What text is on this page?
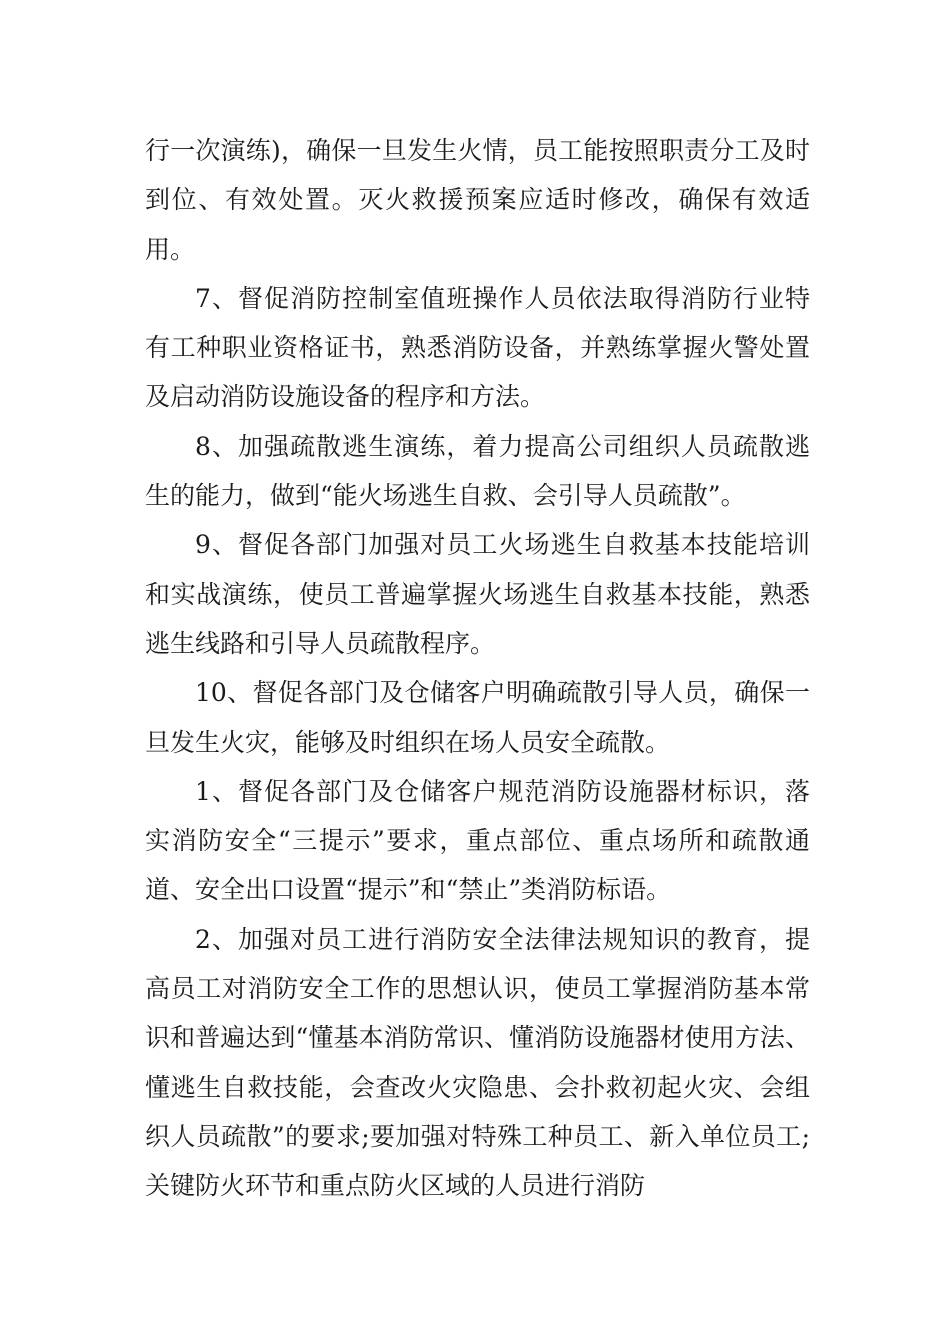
行一次演练)，确保一旦发生火情，员工能按照职责分工及时到位、有效处置。灭火救援预案应适时修改，确保有效适用。

7、督促消防控制室值班操作人员依法取得消防行业特有工种职业资格证书，熟悉消防设备，并熟练掌握火警处置及启动消防设施设备的程序和方法。

8、加强疏散逃生演练，着力提高公司组织人员疏散逃生的能力，做到“能火场逃生自救、会引导人员疏散”。

9、督促各部门加强对员工火场逃生自救基本技能培训和实战演练，使员工普遍掌握火场逃生自救基本技能，熟悉逃生线路和引导人员疏散程序。

10、督促各部门及仓储客户明确疏散引导人员，确保一旦发生火灾，能够及时组织在场人员安全疏散。

1、督促各部门及仓储客户规范消防设施器材标识，落实消防安全“三提示”要求，重点部位、重点场所和疏散通道、安全出口设置“提示”和“禁止”类消防标语。

2、加强对员工进行消防安全法律法规知识的教育，提高员工对消防安全工作的思想认识，使员工掌握消防基本常识和普遍达到“懂基本消防常识、懂消防设施器材使用方法、懂逃生自救技能，会查改火灾隐患、会扑救初起火灾、会组织人员疏散”的要求;要加强对特殊工种员工、新入单位员工;关键防火环节和重点防火区域的人员进行消防
